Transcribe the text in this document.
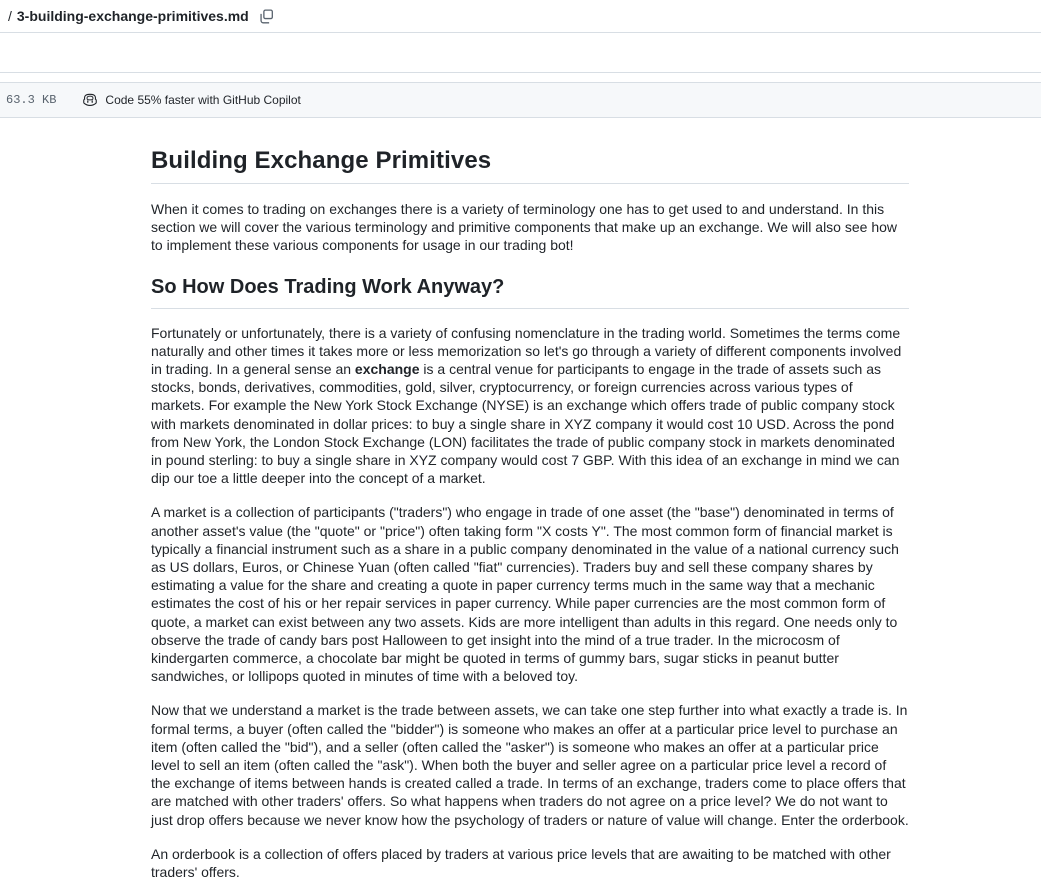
/ 3-building-exchange-primitives.md
63.3 KB	Code 55% faster with GitHub Copilot
Building Exchange Primitives

When it comes to trading on exchanges there is a variety of terminology one has to get used to and understand. In this section we will cover the various terminology and primitive components that make up an exchange. We will also see how to implement these various components for usage in our trading bot!

So How Does Trading Work Anyway?

Fortunately or unfortunately, there is a variety of confusing nomenclature in the trading world. Sometimes the terms come naturally and other times it takes more or less memorization so let's go through a variety of different components involved in trading. In a general sense an exchange is a central venue for participants to engage in the trade of assets such as stocks, bonds, derivatives, commodities, gold, silver, cryptocurrency, or foreign currencies across various types of markets. For example the New York Stock Exchange (NYSE) is an exchange which offers trade of public company stock with markets denominated in dollar prices: to buy a single share in XYZ company it would cost 10 USD. Across the pond from New York, the London Stock Exchange (LON) facilitates the trade of public company stock in markets denominated in pound sterling: to buy a single share in XYZ company would cost 7 GBP. With this idea of an exchange in mind we can dip our toe a little deeper into the concept of a market.

A market is a collection of participants ("traders") who engage in trade of one asset (the "base") denominated in terms of another asset's value (the "quote" or "price") often taking form "X costs Y". The most common form of financial market is typically a financial instrument such as a share in a public company denominated in the value of a national currency such as US dollars, Euros, or Chinese Yuan (often called "fiat" currencies). Traders buy and sell these company shares by estimating a value for the share and creating a quote in paper currency terms much in the same way that a mechanic estimates the cost of his or her repair services in paper currency. While paper currencies are the most common form of quote, a market can exist between any two assets. Kids are more intelligent than adults in this regard. One needs only to observe the trade of candy bars post Halloween to get insight into the mind of a true trader. In the microcosm of kindergarten commerce, a chocolate bar might be quoted in terms of gummy bars, sugar sticks in peanut butter sandwiches, or lollipops quoted in minutes of time with a beloved toy.

Now that we understand a market is the trade between assets, we can take one step further into what exactly a trade is. In formal terms, a buyer (often called the "bidder") is someone who makes an offer at a particular price level to purchase an item (often called the "bid"), and a seller (often called the "asker") is someone who makes an offer at a particular price level to sell an item (often called the "ask"). When both the buyer and seller agree on a particular price level a record of the exchange of items between hands is created called a trade. In terms of an exchange, traders come to place offers that are matched with other traders' offers. So what happens when traders do not agree on a price level? We do not want to just drop offers because we never know how the psychology of traders or nature of value will change. Enter the orderbook.

An orderbook is a collection of offers placed by traders at various price levels that are awaiting to be matched with other traders' offers.
